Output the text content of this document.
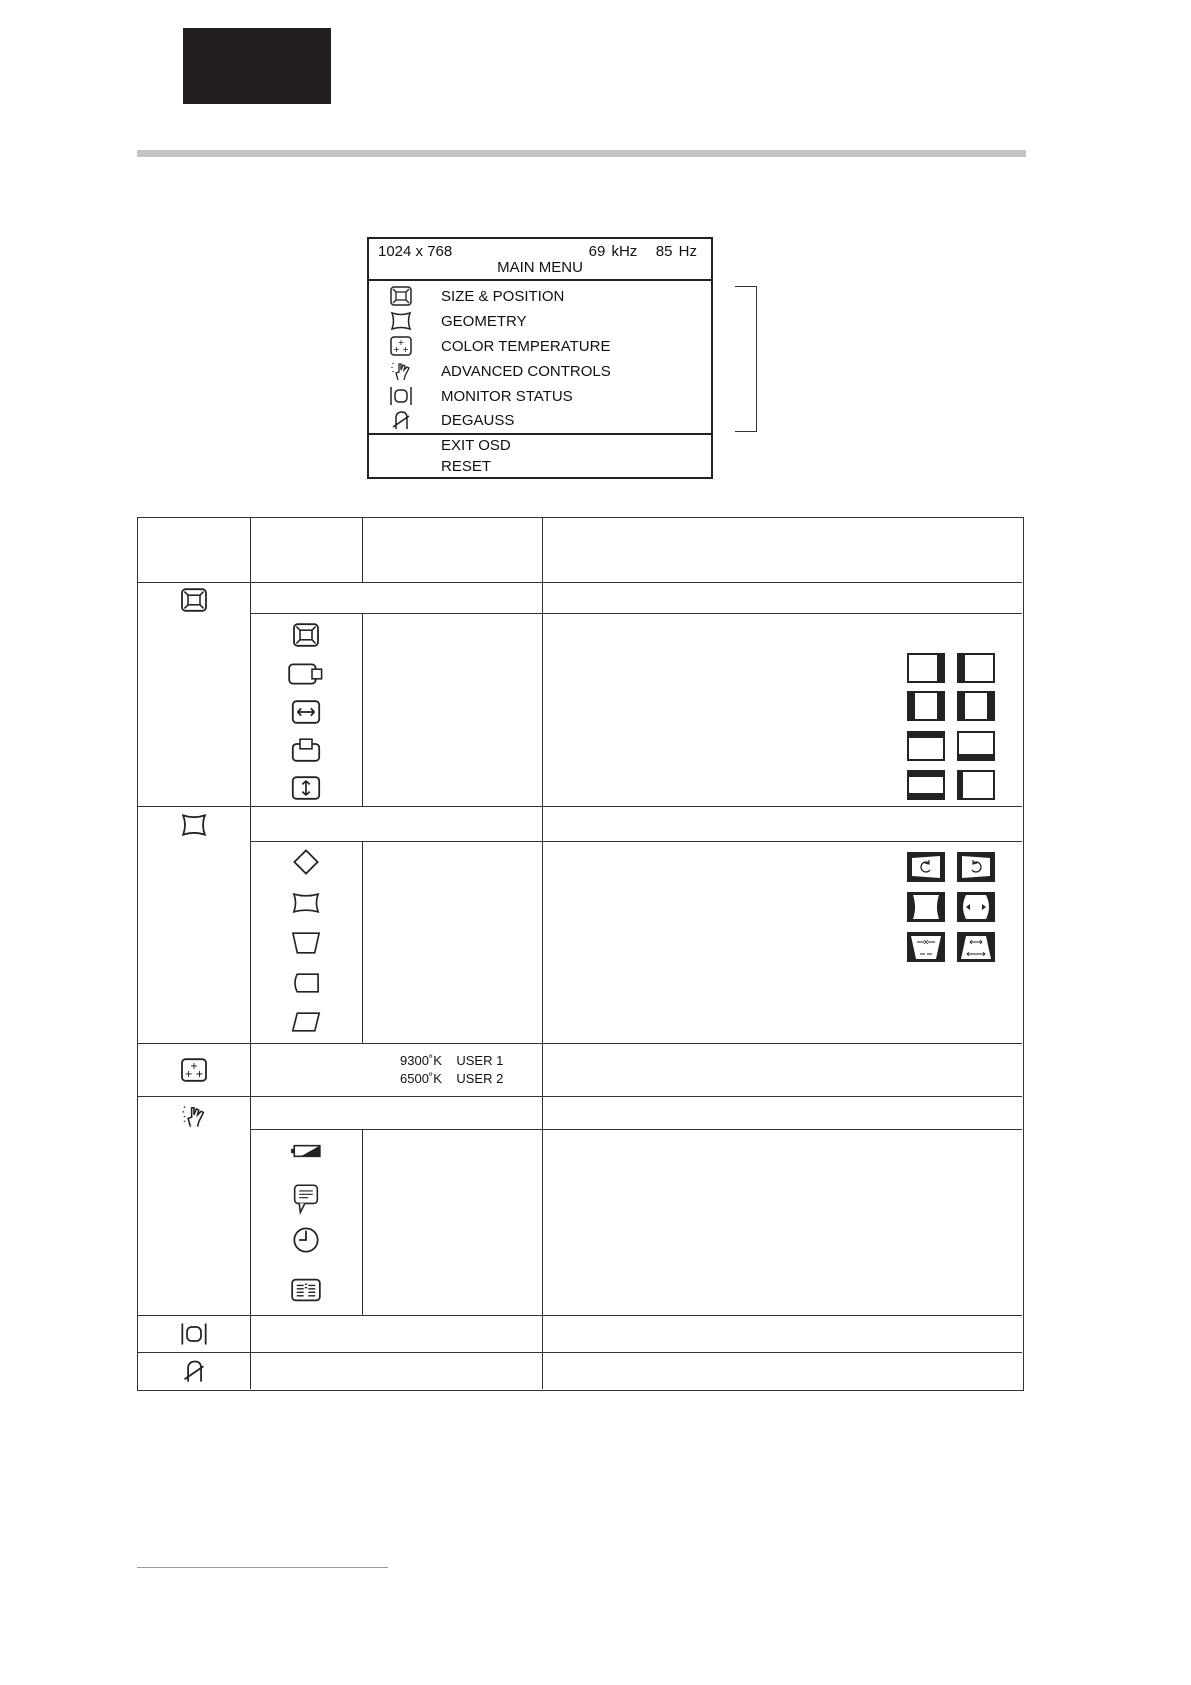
1024 x 768	69 kHz   85 Hz
MAIN MENU
SIZE & POSITION
GEOMETRY
+
+ + COLOR TEMPERATURE
ADVANCED CONTROLS
MONITOR STATUS
DEGAUSS
EXIT OSD
RESET
+
+ +
9300˚K    USER 1
6500˚K    USER 2
